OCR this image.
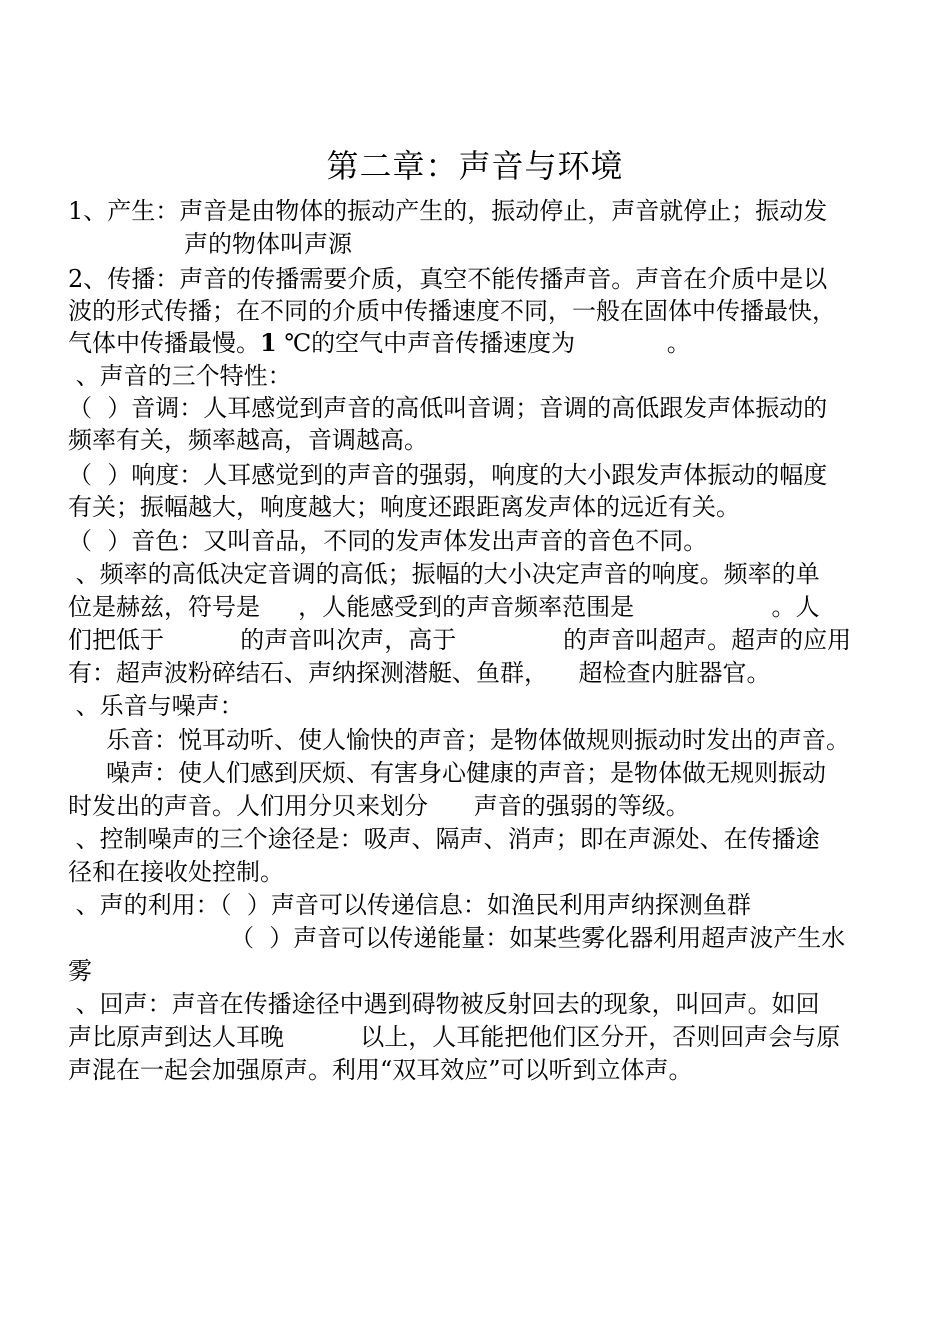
第二章：声音与环境
1、产生：声音是由物体的振动产生的，振动停止，声音就停止；振动发
声的物体叫声源
2、传播：声音的传播需要介质，真空不能传播声音。声音在介质中是以
波的形式传播；在不同的介质中传播速度不同，一般在固体中传播最快，
气体中传播最慢。1 ℃的空气中声音传播速度为            。
、声音的三个特性：
（  ）音调：人耳感觉到声音的高低叫音调；音调的高低跟发声体振动的
频率有关，频率越高，音调越高。
（  ）响度：人耳感觉到的声音的强弱，响度的大小跟发声体振动的幅度
有关；振幅越大，响度越大；响度还跟距离发声体的远近有关。
（  ）音色：又叫音品，不同的发声体发出声音的音色不同。
、频率的高低决定音调的高低；振幅的大小决定声音的响度。频率的单
位是赫兹，符号是     ，人能感受到的声音频率范围是                  。人
们把低于          的声音叫次声，高于              的声音叫超声。超声的应用
有：超声波粉碎结石、声纳探测潜艇、鱼群，    超检查内脏器官。
、乐音与噪声：
乐音：悦耳动听、使人愉快的声音；是物体做规则振动时发出的声音。
噪声：使人们感到厌烦、有害身心健康的声音；是物体做无规则振动
时发出的声音。人们用分贝来划分      声音的强弱的等级。
、控制噪声的三个途径是：吸声、隔声、消声；即在声源处、在传播途
径和在接收处控制。
、声的利用：（  ）声音可以传递信息：如渔民利用声纳探测鱼群
（  ）声音可以传递能量：如某些雾化器利用超声波产生水
雾
、回声：声音在传播途径中遇到碍物被反射回去的现象，叫回声。如回
声比原声到达人耳晚          以上，人耳能把他们区分开，否则回声会与原
声混在一起会加强原声。利用“双耳效应”可以听到立体声。
